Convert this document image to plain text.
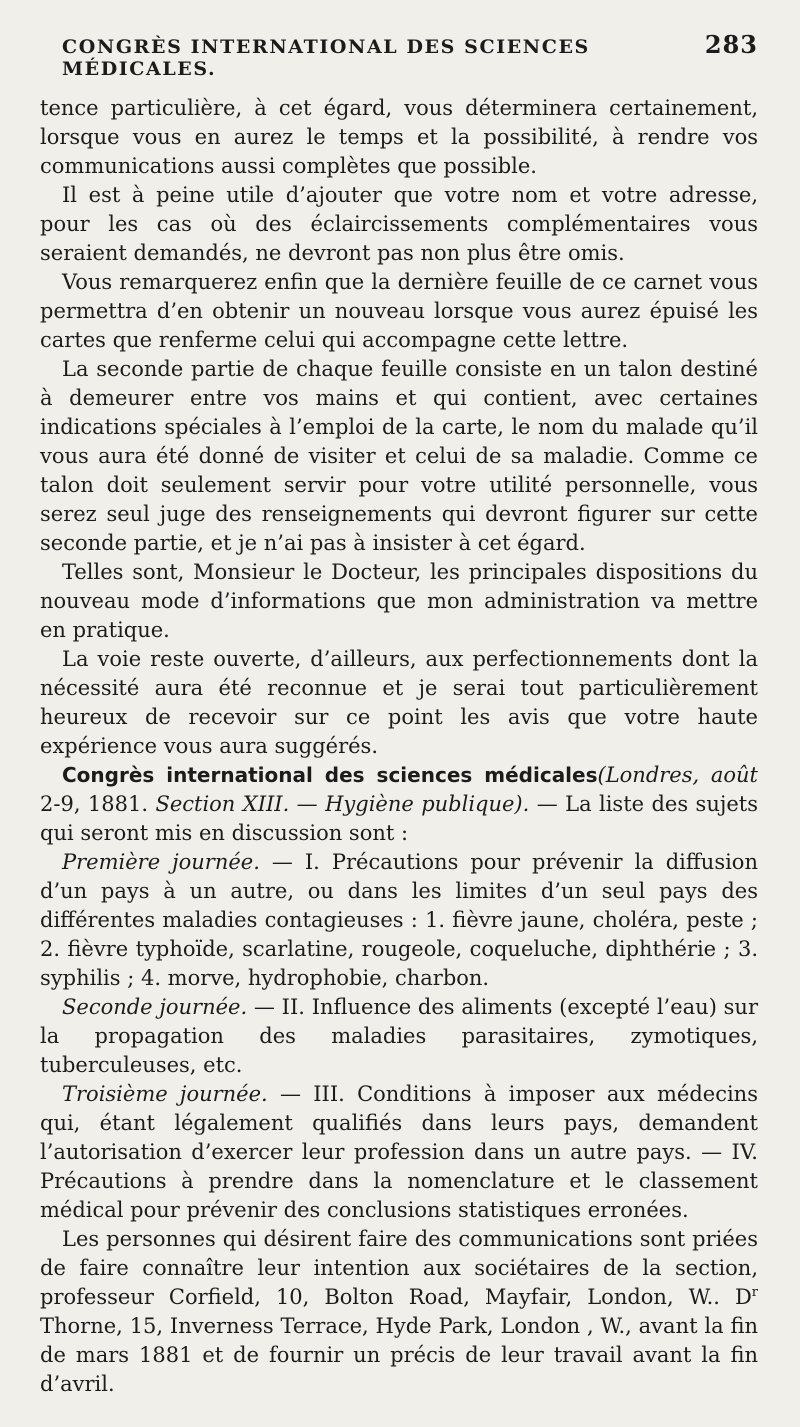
CONGRÈS INTERNATIONAL DES SCIENCES MÉDICALES.
283

tence particulière, à cet égard, vous déterminera certainement, lorsque vous en aurez le temps et la possibilité, à rendre vos communications aussi complètes que possible.

Il est à peine utile d’ajouter que votre nom et votre adresse, pour les cas où des éclaircissements complémentaires vous seraient demandés, ne devront pas non plus être omis.

Vous remarquerez enfin que la dernière feuille de ce carnet vous permettra d’en obtenir un nouveau lorsque vous aurez épuisé les cartes que renferme celui qui accompagne cette lettre.

La seconde partie de chaque feuille consiste en un talon destiné à demeurer entre vos mains et qui contient, avec certaines indications spéciales à l’emploi de la carte, le nom du malade qu’il vous aura été donné de visiter et celui de sa maladie. Comme ce talon doit seulement servir pour votre utilité personnelle, vous serez seul juge des renseignements qui devront figurer sur cette seconde partie, et je n’ai pas à insister à cet égard.

Telles sont, Monsieur le Docteur, les principales dispositions du nouveau mode d’informations que mon administration va mettre en pratique.

La voie reste ouverte, d’ailleurs, aux perfectionnements dont la nécessité aura été reconnue et je serai tout particulièrement heureux de recevoir sur ce point les avis que votre haute expérience vous aura suggérés.

Congrès international des sciences médicales(Londres, août 2-9, 1881. Section XIII. — Hygiène publique). — La liste des sujets qui seront mis en discussion sont :

Première journée. — I. Précautions pour prévenir la diffusion d’un pays à un autre, ou dans les limites d’un seul pays des différentes maladies contagieuses : 1. fièvre jaune, choléra, peste ; 2. fièvre typhoïde, scarlatine, rougeole, coqueluche, diphthérie ; 3. syphilis ; 4. morve, hydrophobie, charbon.

Seconde journée. — II. Influence des aliments (excepté l’eau) sur la propagation des maladies parasitaires, zymotiques, tuberculeuses, etc.

Troisième journée. — III. Conditions à imposer aux médecins qui, étant légalement qualifiés dans leurs pays, demandent l’autorisation d’exercer leur profession dans un autre pays. — IV. Précautions à prendre dans la nomenclature et le classement médical pour prévenir des conclusions statistiques erronées.

Les personnes qui désirent faire des communications sont priées de faire connaître leur intention aux sociétaires de la section, professeur Corfield, 10, Bolton Road, Mayfair, London, W.. $D^r$ Thorne, 15, Inverness Terrace, Hyde Park, London , W., avant la fin de mars 1881 et de fournir un précis de leur travail avant la fin d’avril.
